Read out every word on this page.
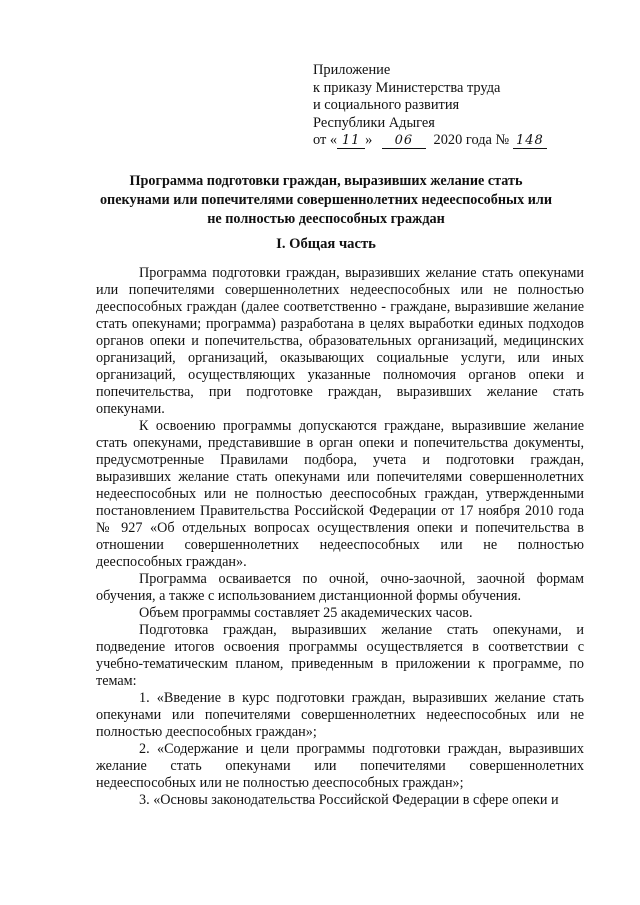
Приложение
к приказу Министерства труда
и социального развития
Республики Адыгея
от « 11 » 06 2020 года № 148
Программа подготовки граждан, выразивших желание стать опекунами или попечителями совершеннолетних недееспособных или не полностью дееспособных граждан
I. Общая часть

Программа подготовки граждан, выразивших желание стать опекунами или попечителями совершеннолетних недееспособных или не полностью дееспособных граждан (далее соответственно - граждане, выразившие желание стать опекунами; программа) разработана в целях выработки единых подходов органов опеки и попечительства, образовательных организаций, медицинских организаций, организаций, оказывающих социальные услуги, или иных организаций, осуществляющих указанные полномочия органов опеки и попечительства, при подготовке граждан, выразивших желание стать опекунами.

К освоению программы допускаются граждане, выразившие желание стать опекунами, представившие в орган опеки и попечительства документы, предусмотренные Правилами подбора, учета и подготовки граждан, выразивших желание стать опекунами или попечителями совершеннолетних недееспособных или не полностью дееспособных граждан, утвержденными постановлением Правительства Российской Федерации от 17 ноября 2010 года № 927 «Об отдельных вопросах осуществления опеки и попечительства в отношении совершеннолетних недееспособных или не полностью дееспособных граждан».

Программа осваивается по очной, очно-заочной, заочной формам обучения, а также с использованием дистанционной формы обучения.

Объем программы составляет 25 академических часов.

Подготовка граждан, выразивших желание стать опекунами, и подведение итогов освоения программы осуществляется в соответствии с учебно-тематическим планом, приведенным в приложении к программе, по темам:

1. «Введение в курс подготовки граждан, выразивших желание стать опекунами или попечителями совершеннолетних недееспособных или не полностью дееспособных граждан»;

2. «Содержание и цели программы подготовки граждан, выразивших желание стать опекунами или попечителями совершеннолетних недееспособных или не полностью дееспособных граждан»;

3. «Основы законодательства Российской Федерации в сфере опеки и
